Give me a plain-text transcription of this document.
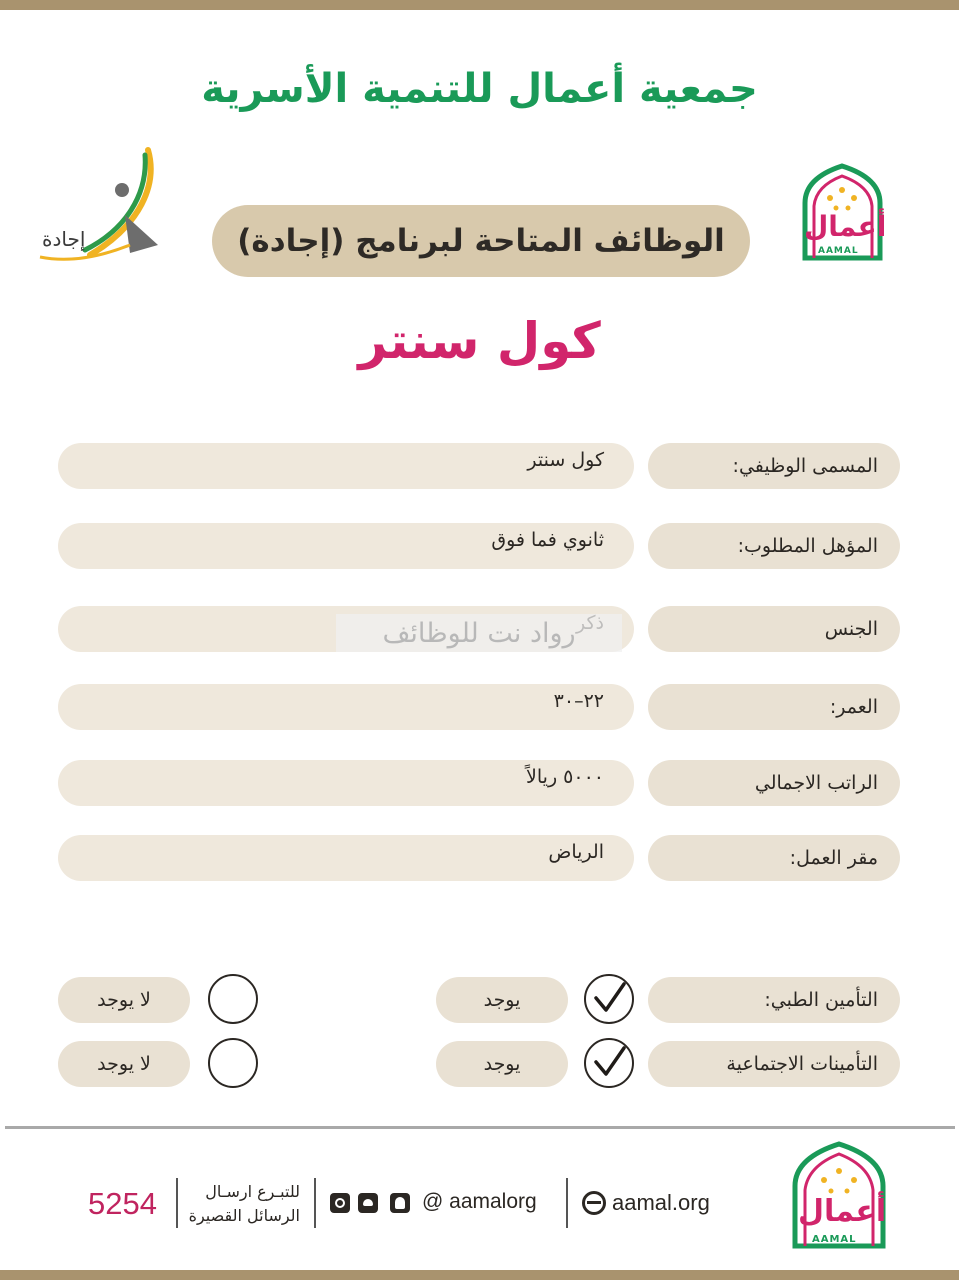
جمعية أعمال للتنمية الأسرية
إجادة	أعمال
AAMAL
الوظائف المتاحة لبرنامج (إجادة)
كول سنتر
المسمى الوظيفي:
كول سنتر
المؤهل المطلوب:
ثانوي فما فوق
الجنس
رواد نت للوظائف
العمر:
٢٢–٣٠
الراتب الاجمالي
٥٠٠٠ ريالاً
مقر العمل:
الرياض
التأمين الطبي:
يوجد
لا يوجد
التأمينات الاجتماعية
يوجد
لا يوجد
أعمال
AAMAL
aamal.org
@ aamalorg
للتبـرع ارسـال
الرسائل القصيرة
5254
